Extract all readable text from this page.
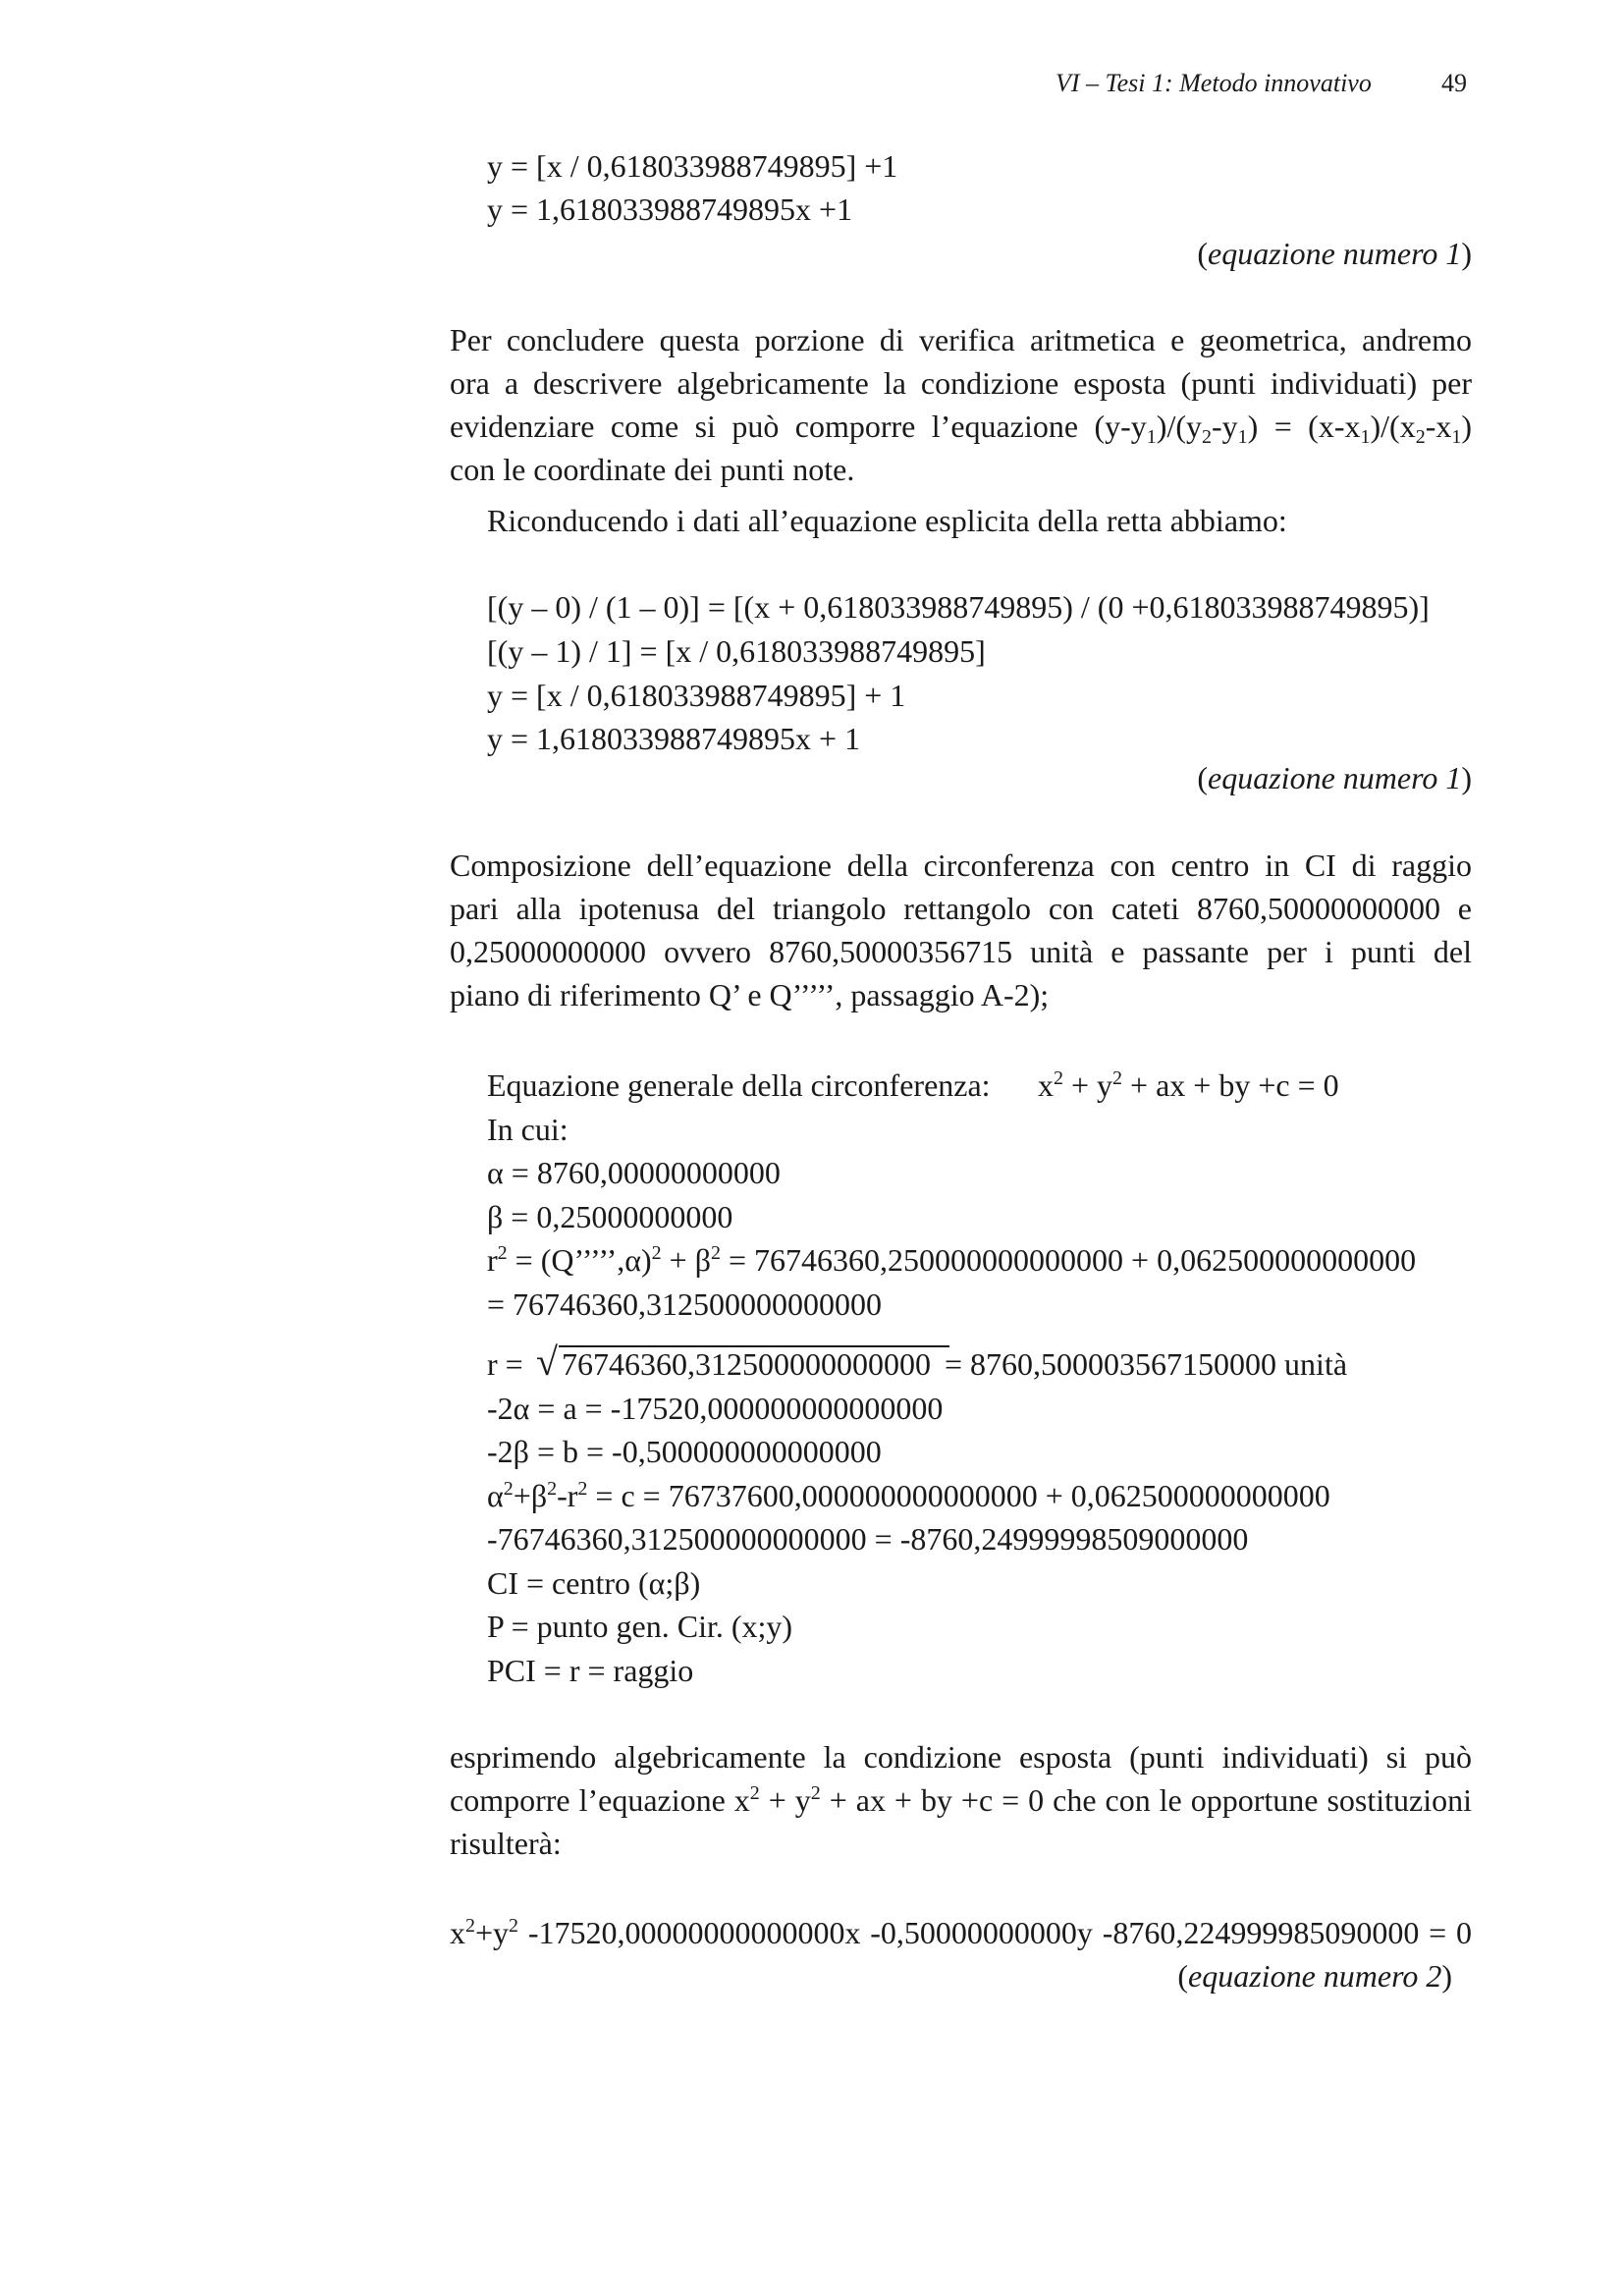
VI – Tesi 1: Metodo innovativo	49
y = [x / 0,618033988749895] +1
y = 1,618033988749895x +1
(equazione numero 1)
Per concludere questa porzione di verifica aritmetica e geometrica, andremo
ora a descrivere algebricamente la condizione esposta (punti individuati) per
evidenziare come si può comporre l’equazione $(y-y_1)/(y_2-y_1) = (x-x_1)/(x_2-x_1)$
con le coordinate dei punti note.
Riconducendo i dati all’equazione esplicita della retta abbiamo:
[(y – 0) / (1 – 0)] = [(x + 0,618033988749895) / (0 +0,618033988749895)]
[(y – 1) / 1] = [x / 0,618033988749895]
y = [x / 0,618033988749895] + 1
y = 1,618033988749895x + 1
(equazione numero 1)
Composizione dell’equazione della circonferenza con centro in CI di raggio
pari alla ipotenusa del triangolo rettangolo con cateti 8760,50000000000 e
0,25000000000 ovvero 8760,50000356715 unità e passante per i punti del
piano di riferimento Q’ e Q’’’’’, passaggio A-2);
Equazione generale della circonferenza: $x^2 + y^2$ + ax + by +c = 0
In cui:
α = 8760,00000000000
β = 0,25000000000
$r^2$ = (Q’’’’’,α)$^2$ + $\beta^2 = 76746360,250000000000000 + 0,062500000000000$
= 76746360,312500000000000
r = √ 76746360,312500000000000 = 8760,500003567150000 unità
-2α = a = -17520,000000000000000
-2β = b = -0,500000000000000
$\alpha^2+\beta^2-r^2 = c = 76737600,000000000000000 + 0,062500000000000$
-76746360,312500000000000 = -8760,24999998509000000
CI = centro (α;β)
P = punto gen. Cir. (x;y)
PCI = r = raggio
esprimendo algebricamente la condizione esposta (punti individuati) si può
comporre l’equazione $x^2 + y^2$ + ax + by +c = 0 che con le opportune sostituzioni
risulterà:
$x^2+y^2$ -17520,00000000000000x -0,50000000000y -8760,224999985090000 = 0
(equazione numero 2)
